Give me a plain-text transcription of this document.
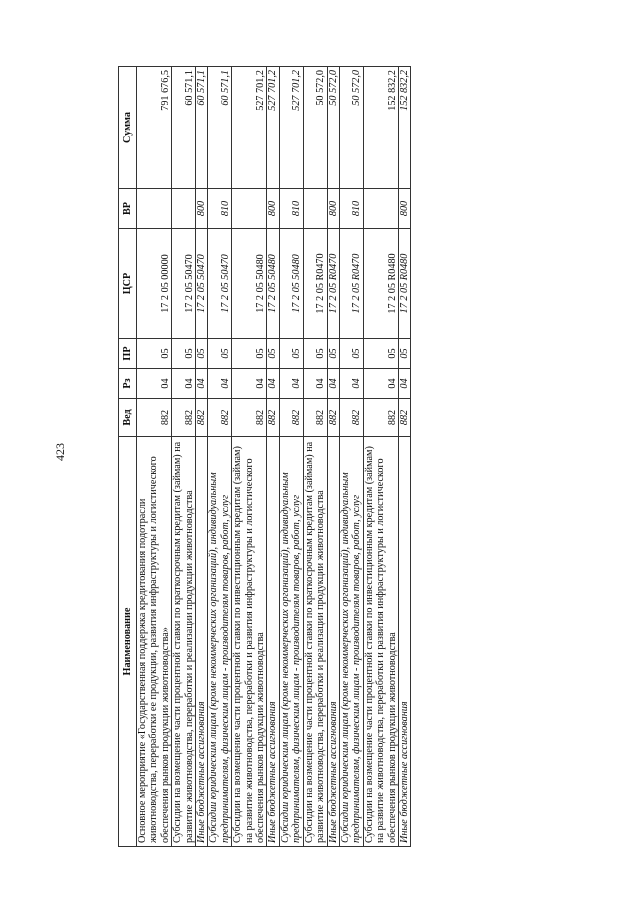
423
Наименование	Вед	Рз	ПР	ЦСР	ВР	Сумма
Основное мероприятие «Государственная поддержка кредитования подотрасли животноводства, переработки ее продукции, развития инфраструктуры и логистического обеспечения рынков продукции животноводства»	882	04	05	17 2 05 00000		791 676,5
Субсидии на возмещение части процентной ставки по краткосрочным кредитам (займам) на развитие животноводства, переработки и реализации продукции животноводства	882	04	05	17 2 05 50470		60 571,1
Иные бюджетные ассигнования	882	04	05	17 2 05 50470	800	60 571,1
Субсидии юридическим лицам (кроме некоммерческих организаций), индивидуальным предпринимателям, физическим лицам - производителям товаров, работ, услуг	882	04	05	17 2 05 50470	810	60 571,1
Субсидии на возмещение части процентной ставки по инвестиционным кредитам (займам) на развитие животноводства, переработки и развития инфраструктуры и логистического обеспечения рынков продукции животноводства	882	04	05	17 2 05 50480		527 701,2
Иные бюджетные ассигнования	882	04	05	17 2 05 50480	800	527 701,2
Субсидии юридическим лицам (кроме некоммерческих организаций), индивидуальным предпринимателям, физическим лицам - производителям товаров, работ, услуг	882	04	05	17 2 05 50480	810	527 701,2
Субсидии на возмещение части процентной ставки по краткосрочным кредитам (займам) на развитие животноводства, переработки и реализации продукции животноводства	882	04	05	17 2 05 R0470		50 572,0
Иные бюджетные ассигнования	882	04	05	17 2 05 R0470	800	50 572,0
Субсидии юридическим лицам (кроме некоммерческих организаций), индивидуальным предпринимателям, физическим лицам - производителям товаров, работ, услуг	882	04	05	17 2 05 R0470	810	50 572,0
Субсидии на возмещение части процентной ставки по инвестиционным кредитам (займам) на развитие животноводства, переработки и развития инфраструктуры и логистического обеспечения рынков продукции животноводства	882	04	05	17 2 05 R0480		152 832,2
Иные бюджетные ассигнования	882	04	05	17 2 05 R0480	800	152 832,2
